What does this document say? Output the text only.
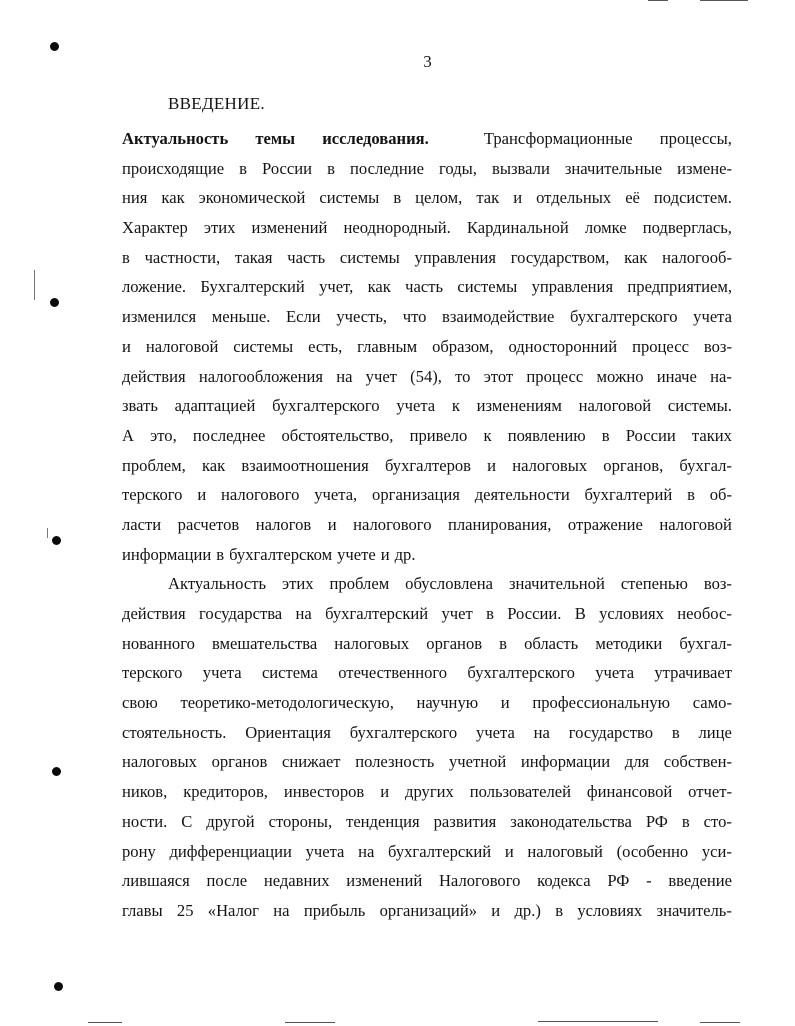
3
ВВЕДЕНИЕ.
Актуальность темы исследования.	Трансформационные процессы,
происходящие в России в последние годы, вызвали значительные измене-
ния как экономической системы в целом, так и отдельных её подсистем.
Характер этих изменений неоднородный. Кардинальной ломке подверглась,
в частности, такая часть системы управления государством, как налогооб-
ложение. Бухгалтерский учет, как часть системы управления предприятием,
изменился меньше. Если учесть, что взаимодействие бухгалтерского учета
и налоговой системы есть, главным образом, односторонний процесс воз-
действия налогообложения на учет (54), то этот процесс можно иначе на-
звать адаптацией бухгалтерского учета к изменениям налоговой системы.
А это, последнее обстоятельство, привело к появлению в России таких
проблем, как взаимоотношения бухгалтеров и налоговых органов, бухгал-
терского и налогового учета, организация деятельности бухгалтерий в об-
ласти расчетов налогов и налогового планирования, отражение налоговой
информации в бухгалтерском учете и др.
Актуальность этих проблем обусловлена значительной степенью воз-
действия государства на бухгалтерский учет в России. В условиях необос-
нованного вмешательства налоговых органов в область методики бухгал-
терского учета система отечественного бухгалтерского учета утрачивает
свою теоретико-методологическую, научную и профессиональную само-
стоятельность. Ориентация бухгалтерского учета на государство в лице
налоговых органов снижает полезность учетной информации для собствен-
ников, кредиторов, инвесторов и других пользователей финансовой отчет-
ности. С другой стороны, тенденция развития законодательства РФ в сто-
рону дифференциации учета на бухгалтерский и налоговый (особенно уси-
лившаяся после недавних изменений Налогового кодекса РФ - введение
главы 25 «Налог на прибыль организаций» и др.) в условиях значитель-
